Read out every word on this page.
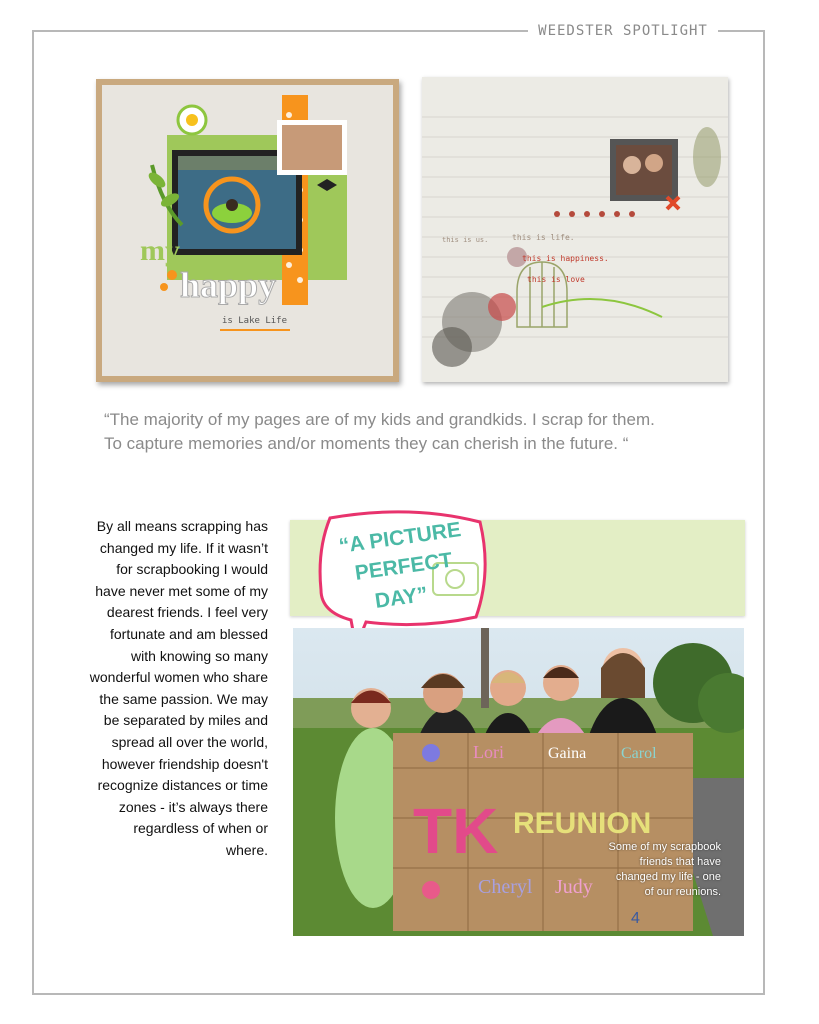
WEEDSTER SPOTLIGHT
my
happy
is Lake Life
this is us.	this is life.
this is happiness.
this is love

“The majority of my pages are of my kids and grandkids. I scrap for them.

To capture memories and/or moments they can cherish in the future. “

By all means scrapping has changed my life. If it wasn’t for scrapbooking I would have never met some of my dearest friends. I feel very fortunate and am blessed with knowing so many wonderful women who share the same passion. We may be separated by miles and spread all over the world, however friendship doesn't recognize distances or time zones - it’s always there regardless of when or where.
“A PICTURE
PERFECT
DAY”
TK REUNION
Lori	Gaina Carol
Cheryl Judy
4

Some of my scrapbook

friends that have

changed my life - one

of our reunions.
